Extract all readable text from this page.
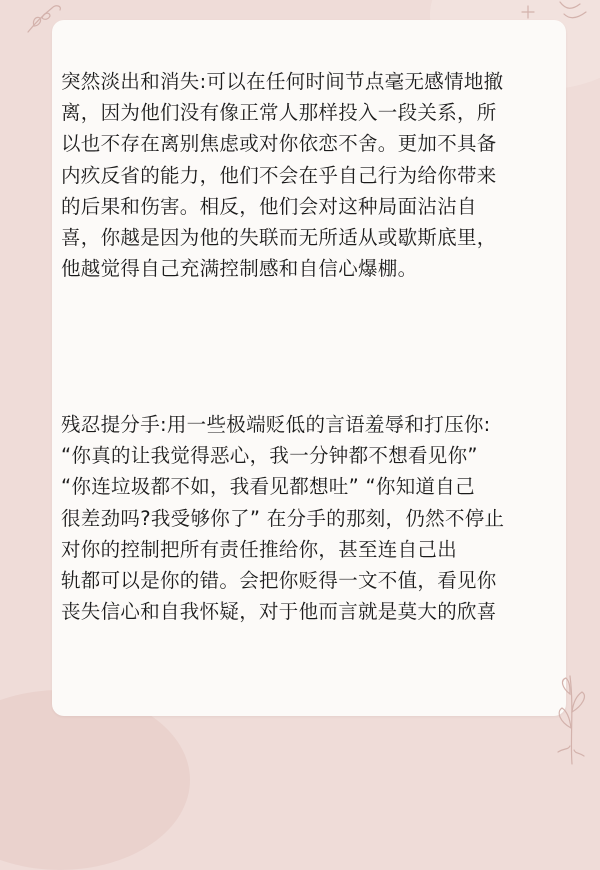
突然淡出和消失:可以在任何时间节点毫无感情地撤
离，因为他们没有像正常人那样投入一段关系，所
以也不存在离别焦虑或对你依恋不舍。更加不具备
内疚反省的能力，他们不会在乎自己行为给你带来
的后果和伤害。相反，他们会对这种局面沾沾自
喜，你越是因为他的失联而无所适从或歇斯底里，
他越觉得自己充满控制感和自信心爆棚。

残忍提分手:用一些极端贬低的言语羞辱和打压你:
“你真的让我觉得恶心，我一分钟都不想看见你”
“你连垃圾都不如，我看见都想吐” “你知道自己
很差劲吗?我受够你了” 在分手的那刻，仍然不停止
对你的控制把所有责任推给你，甚至连自己出
轨都可以是你的错。会把你贬得一文不值，看见你
丧失信心和自我怀疑，对于他而言就是莫大的欣喜
